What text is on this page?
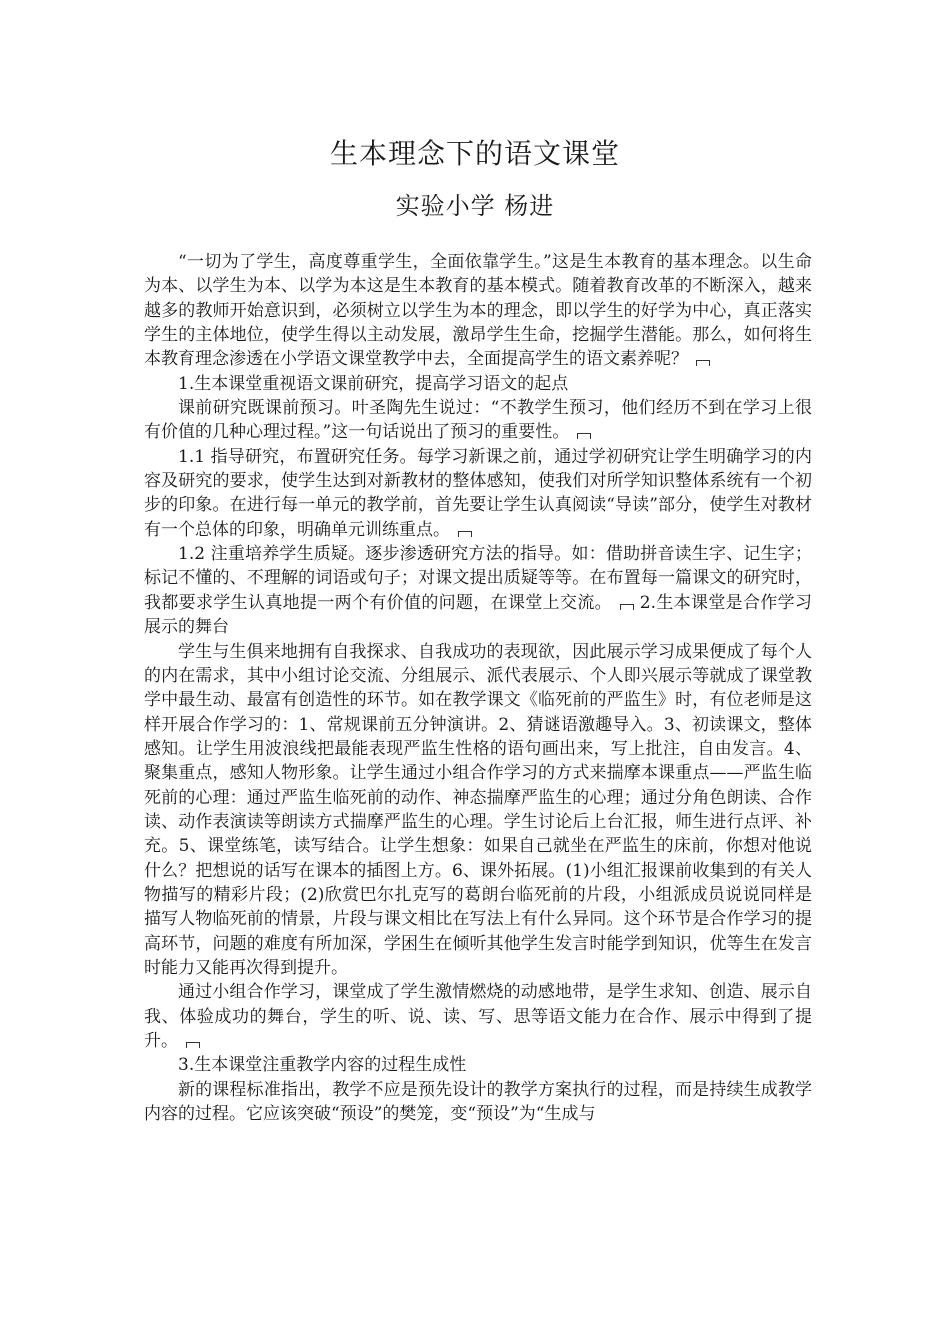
生本理念下的语文课堂
实验小学 杨进

“一切为了学生，高度尊重学生，全面依靠学生。”这是生本教育的基本理念。以生命为本、以学生为本、以学为本这是生本教育的基本模式。随着教育改革的不断深入，越来越多的教师开始意识到，必须树立以学生为本的理念，即以学生的好学为中心，真正落实学生的主体地位，使学生得以主动发展，激昂学生生命，挖掘学生潜能。那么，如何将生本教育理念渗透在小学语文课堂教学中去，全面提高学生的语文素养呢？

1.生本课堂重视语文课前研究，提高学习语文的起点

课前研究既课前预习。叶圣陶先生说过：“不教学生预习，他们经历不到在学习上很有价值的几种心理过程。”这一句话说出了预习的重要性。

1.1 指导研究，布置研究任务。每学习新课之前，通过学初研究让学生明确学习的内容及研究的要求，使学生达到对新教材的整体感知，使我们对所学知识整体系统有一个初步的印象。在进行每一单元的教学前，首先要让学生认真阅读“导读”部分，使学生对教材有一个总体的印象，明确单元训练重点。

1.2 注重培养学生质疑。逐步渗透研究方法的指导。如：借助拼音读生字、记生字；标记不懂的、不理解的词语或句子；对课文提出质疑等等。在布置每一篇课文的研究时，我都要求学生认真地提一两个有价值的问题，在课堂上交流。 2.生本课堂是合作学习展示的舞台

学生与生俱来地拥有自我探求、自我成功的表现欲，因此展示学习成果便成了每个人的内在需求，其中小组讨论交流、分组展示、派代表展示、个人即兴展示等就成了课堂教学中最生动、最富有创造性的环节。如在教学课文《临死前的严监生》时，有位老师是这样开展合作学习的：1、常规课前五分钟演讲。2、猜谜语激趣导入。3、初读课文，整体感知。让学生用波浪线把最能表现严监生性格的语句画出来，写上批注，自由发言。4、聚集重点，感知人物形象。让学生通过小组合作学习的方式来揣摩本课重点——严监生临死前的心理：通过严监生临死前的动作、神态揣摩严监生的心理；通过分角色朗读、合作读、动作表演读等朗读方式揣摩严监生的心理。学生讨论后上台汇报，师生进行点评、补充。5、课堂练笔，读写结合。让学生想象：如果自己就坐在严监生的床前，你想对他说什么？把想说的话写在课本的插图上方。6、课外拓展。(1)小组汇报课前收集到的有关人物描写的精彩片段；(2)欣赏巴尔扎克写的葛朗台临死前的片段，小组派成员说说同样是描写人物临死前的情景，片段与课文相比在写法上有什么异同。这个环节是合作学习的提高环节，问题的难度有所加深，学困生在倾听其他学生发言时能学到知识，优等生在发言时能力又能再次得到提升。

通过小组合作学习，课堂成了学生激情燃烧的动感地带，是学生求知、创造、展示自我、体验成功的舞台，学生的听、说、读、写、思等语文能力在合作、展示中得到了提升。

3.生本课堂注重教学内容的过程生成性

新的课程标准指出，教学不应是预先设计的教学方案执行的过程，而是持续生成教学内容的过程。它应该突破“预设”的樊笼，变“预设”为“生成与
